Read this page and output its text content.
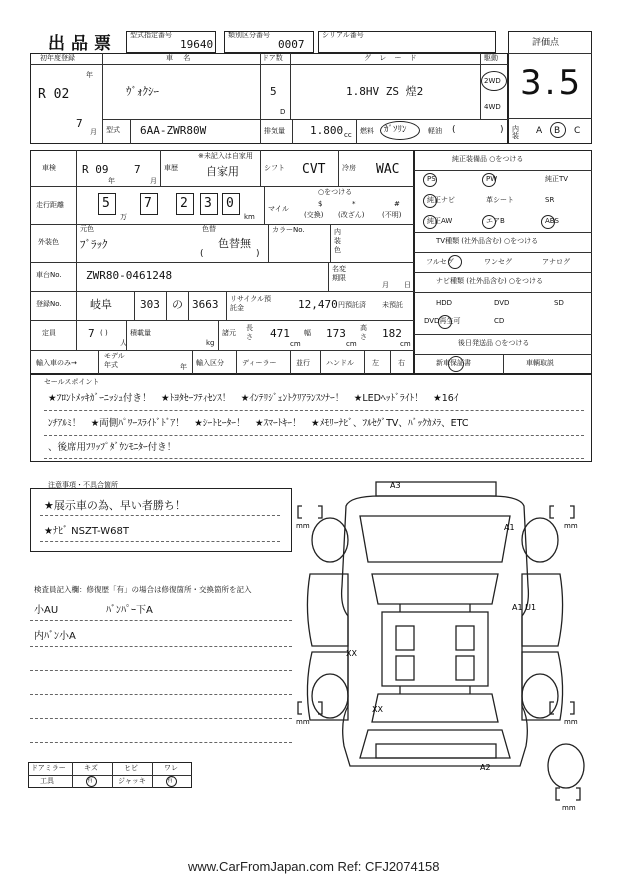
出品票 型式指定番号
19640
類別区分番号
0007
シリアル番号
評価点
3.5
内装	A B C
初年度登録
年
R 02
7
月
車 名
ｳﾞｫｸｼｰ
ドア数
5
D
グ レ ー ド
1.8HV ZS 煌2
駆動
2WD
4WD
型式 6AA-ZWR80W	排気量 1.800 cc 燃料 ｶﾞｿﾘﾝ	軽油 (	)
車検 R 09
年
7
月
車歴
※未記入は自家用
自家用	シフト CVT 冷房 WAC
走行距離	5	7 2 3 0
万	km
マイル
○をつける
$
(交換)
*
(改ざん)
#
(不明)
元色
外装色 ﾌﾞﾗｯｸ
色替
色替無
(	)
カラーNo.	内装色
車台No. ZWR80-0461248	名変期限
月 日
登録No.	岐阜	303 の 3663 リサイクル預託金	12,470 円預託済 未預託
定員	7 ( )
人
積載量
kg
諸元
長さ 471
cm
幅 173
cm
高さ 182
cm
輸入車のみ→
モデル年式	年 輸入区分	ディーラー	並行 ハンドル	左	右
純正装備品 ○をつける
PS	PW	純正TV
純正ナビ	革シート	SR
純正AW	エアB	ABS
TV種類 (社外品含む) ○をつける
フルセグ	ワンセグ	アナログ
ナビ種類 (社外品含む) ○をつける
HDD	DVD	SD
DVD再生可	CD
後日発送品 ○をつける
新車保証書	車輌取説
セールスポイント
★ﾌﾛﾝﾄﾒｯｷｶﾞｰﾆｯｼｭ付き！　★ﾄﾖﾀｾｰﾌﾃｨｾﾝｽ！　★ｲﾝﾃﾘｼﾞｪﾝﾄｸﾘｱﾗﾝｽｿﾅｰ！　★LEDﾍｯﾄﾞﾗｲﾄ！　★16ｲ
ﾝﾁｱﾙﾐ！　★両側ﾊﾟﾜｰｽﾗｲﾄﾞﾄﾞｱ！　★ｼｰﾄﾋｰﾀｰ！　★ｽﾏｰﾄｷｰ！　★ﾒﾓﾘｰﾅﾋﾞ、ﾌﾙｾｸﾞTV、ﾊﾞｯｸｶﾒﾗ、ETC
、後席用ﾌﾘｯﾌﾟﾀﾞｳﾝﾓﾆﾀｰ付き！
注意事項・不具合箇所
★展示車の為、早い者勝ち！
★ﾅﾋﾞ NSZT-W68T
検査員記入欄：修復歴「有」の場合は修復箇所・交換箇所を記入
小AU	ﾊﾞﾝﾊﾟｰ下A
内ﾊﾞﾝ小A
ドアミラー	キズ	ヒビ	ワレ
工具	有	ジャッキ	有
A3
A1
A1 U1
XX
XX
A2
mm	mm
mm	mm
mm
www.CarFromJapan.com Ref: CFJ2074158
